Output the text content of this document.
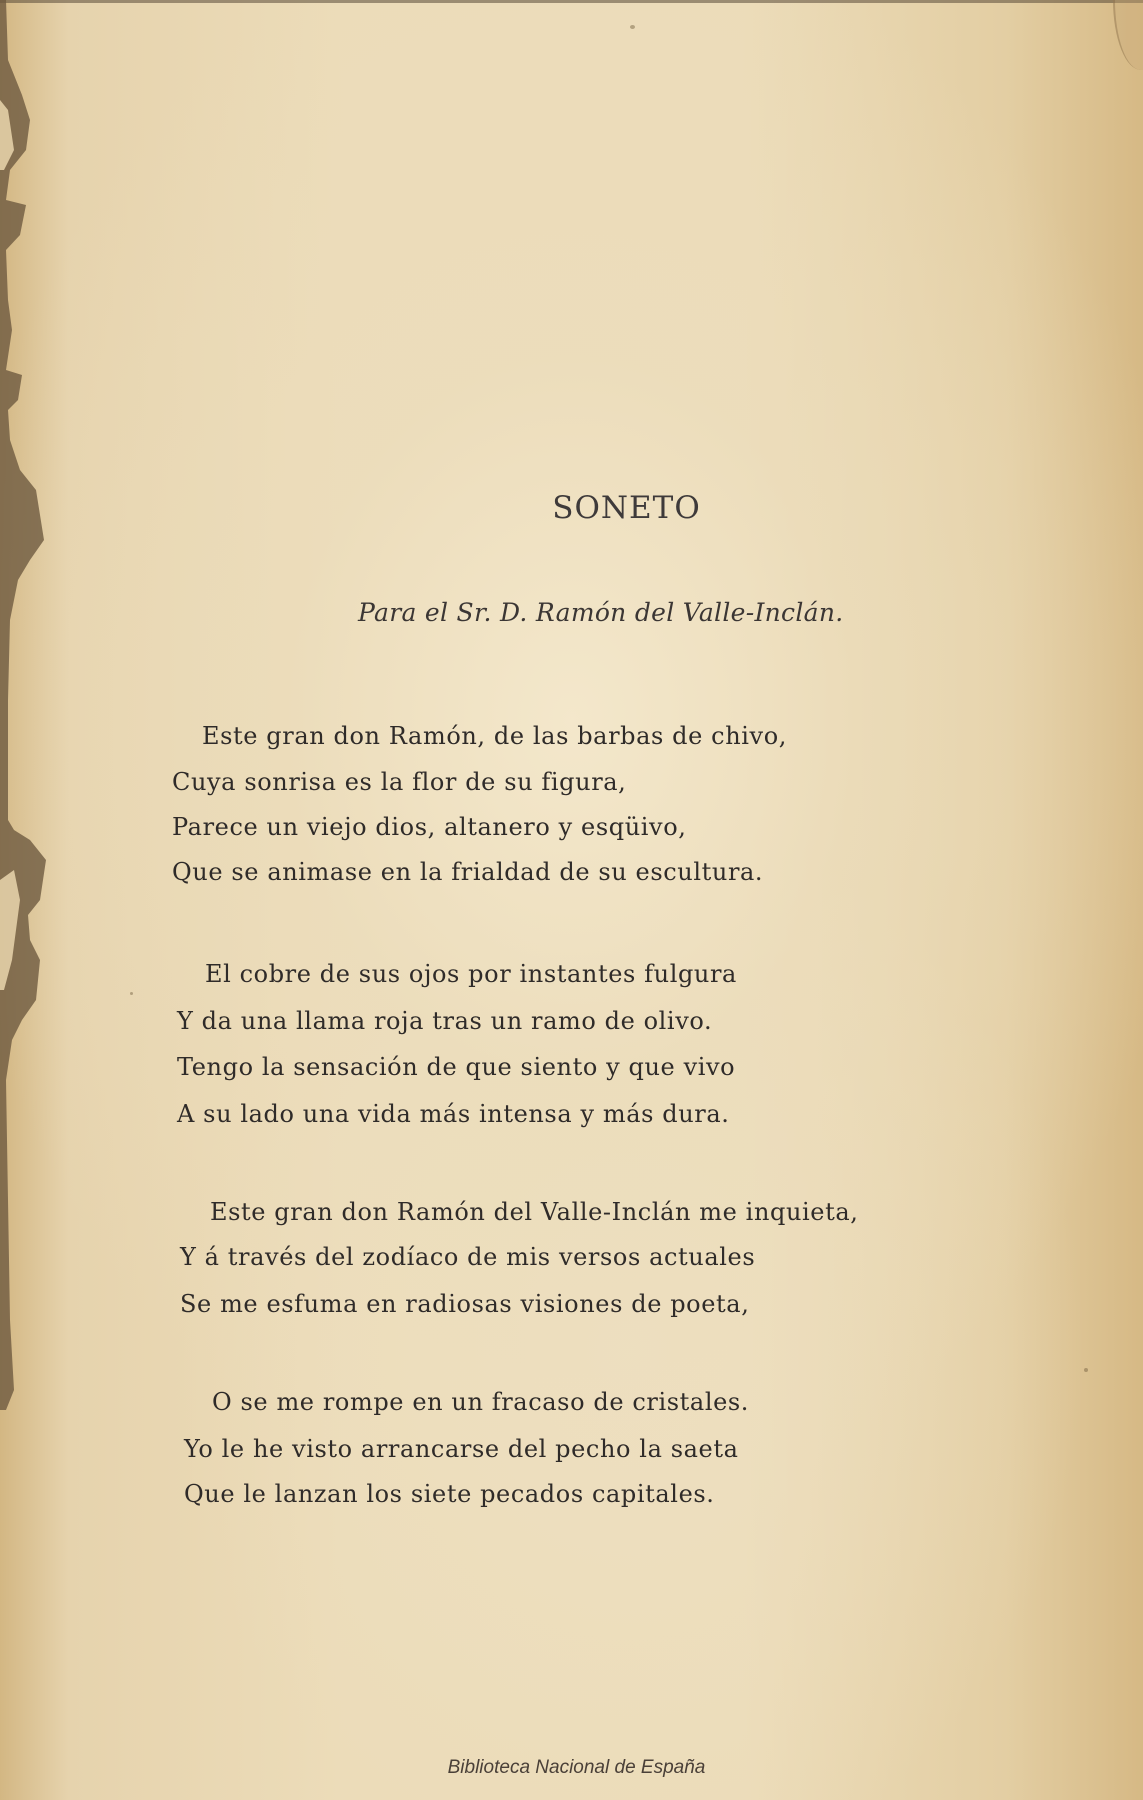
SONETO
Para el Sr. D. Ramón del Valle-Inclán.
Este gran don Ramón, de las barbas de chivo,
Cuya sonrisa es la flor de su figura,
Parece un viejo dios, altanero y esqüivo,
Que se animase en la frialdad de su escultura.
El cobre de sus ojos por instantes fulgura
Y da una llama roja tras un ramo de olivo.
Tengo la sensación de que siento y que vivo
A su lado una vida más intensa y más dura.
Este gran don Ramón del Valle-Inclán me inquieta,
Y á través del zodíaco de mis versos actuales
Se me esfuma en radiosas visiones de poeta,
O se me rompe en un fracaso de cristales.
Yo le he visto arrancarse del pecho la saeta
Que le lanzan los siete pecados capitales.
Biblioteca Nacional de España
